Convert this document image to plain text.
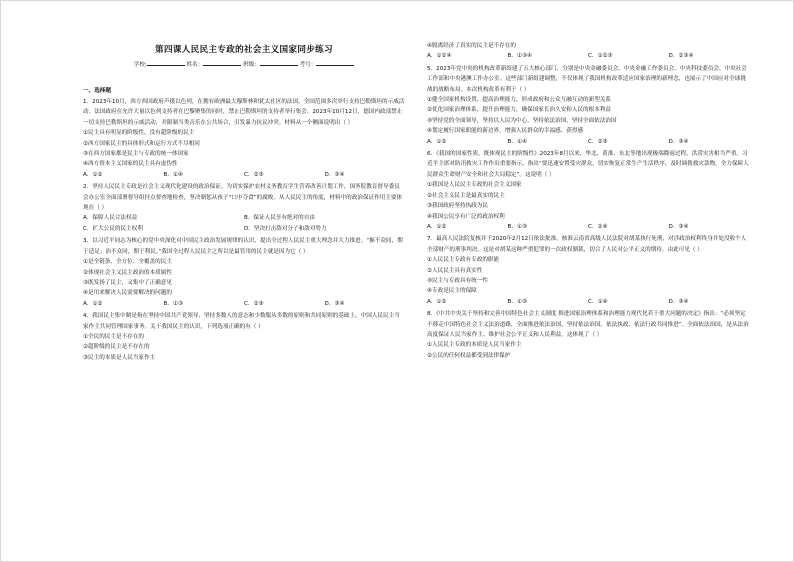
第四课人民民主专政的社会主义国家同步练习
学校:	姓名：	班级：	考号：
一、选择题

1．2023年10月，西方西国政府声援以色列，在拥有欧洲最大穆斯林和犹太社区的法国，全国范围多次举行支持巴勒斯坦的示威活动。法国政府在允许大量以色列支持者在巴黎聚集的同时，禁止巴勒斯坦的支持者举行集会。2023年10月12日，德国内政部禁止一切支持巴勒斯坦的示威活动，并限制当类音乐在公共场合，引发暴力抗议冲突。材料从一个侧面说明出（ ）

①民主具有明显的阶级性，没有超阶级的民主

②西方国家民主的具体形式和运行方式不尽相同

③在西方国家都是民主与专政的统一体国家

④西方资本主义国家的民主具有虚伪性

A．①②	B．①④	C．②③	D．③④

2．坚持人民民主专政是社会主义现代化建设的政治保证。为切实保护农村义务教育学生营养改善计划工作，国务院教育督导委员会办公室全面部署督导组挂点督查地检查，坚决制惩从孩子“口中夺食”的腐败。从人民民主的角度，材料中的政治保证作用主要体现在（ ）

A．保障人民合法权益	B．保证人民享有绝对的自由
C．扩大公民的民主权利	D．坚决打击敌对分子和敌对势力

3．以习近平同志为核心的党中央深化对中国民主政治发展规律的认识，提出全过程人民民主重大理念并大力推进。“握不众同，期于适足；治不众同，期于利民。”我国全过程人民民主之所以是最管用的民主就是因为它（ ）

①是全链条、全方位、全覆盖的民主

②体现社会主义民主政治的本质属性

③既发扬了民主，又集中了正确意见

④是用来解决人民需要解决的问题的

A．①②	B．①③	C．②③	D．③④

4．我国民主集中制是指在坚持中国共产党领导、坚持多数人的意志和少数服从多数的原则和共同原则的基础上，中国人民民主当家作主共同管理国家事务。关于我国民主的认识，下列选项正确的有（ ）

①全民的民主是不存在的

②超阶级的民主是不存在的

③民主的本质是人民当家作主

④脱离经济了真实的民主是不存在的

A．①②④	B．①③④	C．①②③	D．②③④

5．2023年党中央的机构改革新组建了五大核心部门，分别是中央金融委员会、中央金融工作委员会、中央科技委员会、中央社会工作部和中央港澳工作办公室。这些部门新组建调整，不仅体现了我国机构改革适应国家治理的新理念，也展示了中国应对全球挑战的战略布局。本次机构改革有利于（ ）

①健全国家机构设置，提高治理能力，形成政府和公众互融互动的新型关系

②优化国家治理体系，提升治理能力，确保国家长治久安和人民的根本利益

③坚持党的全面领导，坚持以人民为中心，坚持依法治国，坚持全面依法治国

④划定履行国家职能的新边界，增强人民群众的幸福感、获得感

A．①②	B．①④	C．②③	D．③④

6．《我国的国家性质，既体现民主的阶级性》2023年8月以来，华北、黄淮、东北等地出现极端降雨过程，洪涝灾害相当严重。习近平主席对防汛救灾工作作出重要指示，指出“要迅速安置受灾群众，切实恢复正常生产生活秩序，及时调拨救灾款物，全力保障人民群众生命财产安全和社会大局稳定”。这说明（ ）

①我国是人民民主专政的社会主义国家

②社会主义民主是最真实的民主

③我国政府坚持执政为民

④我国公民享有广泛的政治权利

A．①②	B．①③	C．②④	D．③④

7．最高人民法院复核并于2020年2月12日依法批准，核准云南省高级人民法院对胡某执行死刑，对涉政治权利终身并处没收个人全部财产的刑事判决。这是对胡某这种严重犯罪的一次政权制裁，切合了人民对公平正义的期待。由此可见（ ）

①人民民主专政有专政的职能

②人民民主具有真实性

③民主与专政具有统一性

④专政是民主的保障

A．①②	B．①③	C．①④	D．③④

8．《中共中央关于坚持和完善中国特色社会主义制度 推进国家治理体系和治理能力现代化若干重大问题的决定》指出：“必须坚定不移走中国特色社会主义法治道路，全面推进依法治国，坚持依法治国、依法执政、依法行政共同推进”。全面依法治国，是从法治高度保证人民当家作主、维护社会公平正义和人民利益。这体现了（ ）

①人民民主专政的本质是人民当家作主

②公民的任何权益都受到法律保护
